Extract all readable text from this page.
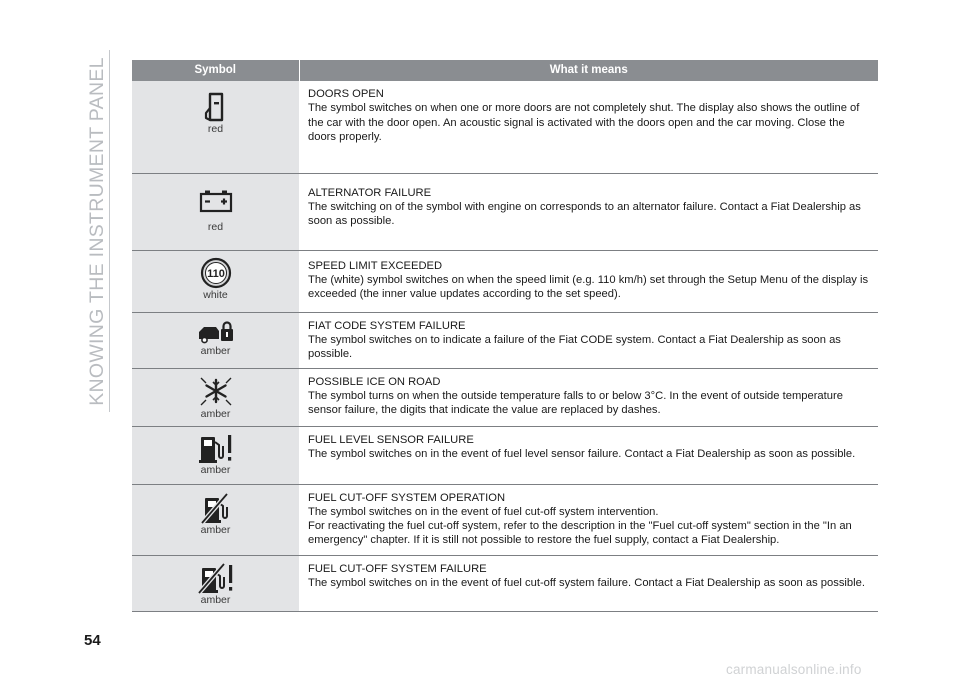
KNOWING THE INSTRUMENT PANEL	Symbol	What it means

red	DOORS OPEN
The symbol switches on when one or more doors are not completely shut. The display also shows the outline of the car with the door open. An acoustic signal is activated with the doors open and the car moving. Close the doors properly.

red	ALTERNATOR FAILURE
The switching on of the symbol with engine on corresponds to an alternator failure. Contact a Fiat Dealership as soon as possible.

110
white	SPEED LIMIT EXCEEDED
The (white) symbol switches on when the speed limit (e.g. 110 km/h) set through the Setup Menu of the display is exceeded (the inner value updates according to the set speed).

amber	FIAT CODE SYSTEM FAILURE
The symbol switches on to indicate a failure of the Fiat CODE system. Contact a Fiat Dealership as soon as possible.

amber	POSSIBLE ICE ON ROAD
The symbol turns on when the outside temperature falls to or below 3°C. In the event of outside temperature sensor failure, the digits that indicate the value are replaced by dashes.

amber	FUEL LEVEL SENSOR FAILURE
The symbol switches on in the event of fuel level sensor failure. Contact a Fiat Dealership as soon as possible.

amber	FUEL CUT-OFF SYSTEM OPERATION
The symbol switches on in the event of fuel cut-off system intervention.
For reactivating the fuel cut-off system, refer to the description in the "Fuel cut-off system" section in the "In an emergency" chapter. If it is still not possible to restore the fuel supply, contact a Fiat Dealership.

amber	FUEL CUT-OFF SYSTEM FAILURE
The symbol switches on in the event of fuel cut-off system failure. Contact a Fiat Dealership as soon as possible.
54
carmanualsonline.info
